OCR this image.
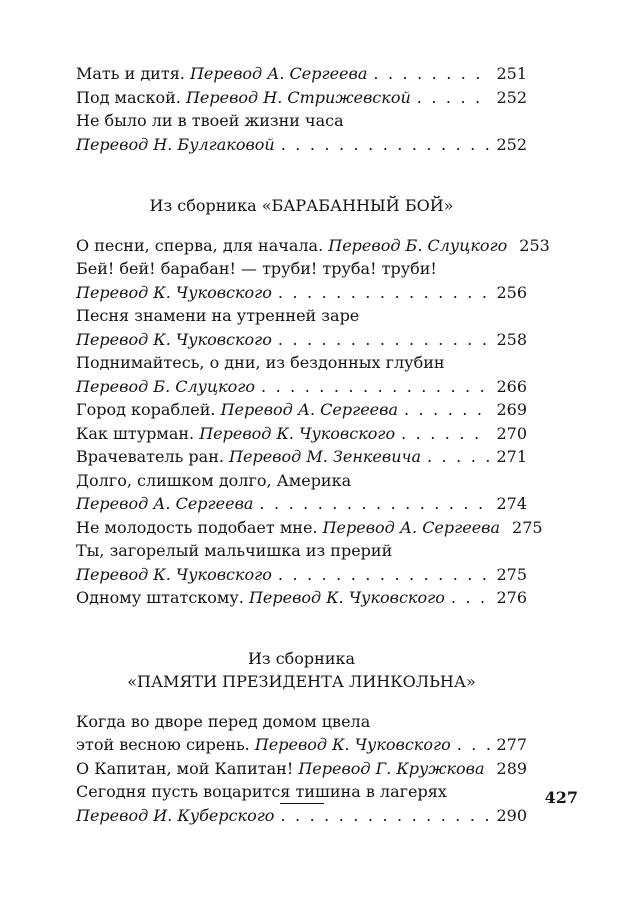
Мать и дитя. Перевод А. Сергеева . . .	251
Под маской. Перевод Н. Стрижевской . . .	252
Не было ли в твоей жизни часа
Перевод Н. Булгаковой . . .	252
Из сборника «БАРАБАННЫЙ БОЙ»
О песни, сперва, для начала. Перевод Б. Слуцкого 253
Бей! бей! барабан! — труби! труба! труби!
Перевод К. Чуковского . . .	256
Песня знамени на утренней заре
Перевод К. Чуковского . . .	258
Поднимайтесь, о дни, из бездонных глубин
Перевод Б. Слуцкого . . .	266
Город кораблей. Перевод А. Сергеева . . .	269
Как штурман. Перевод К. Чуковского . . .	270
Врачеватель ран. Перевод М. Зенкевича . . .	271
Долго, слишком долго, Америка
Перевод А. Сергеева . . .	274
Не молодость подобает мне. Перевод А. Сергеева 275
Ты, загорелый мальчишка из прерий
Перевод К. Чуковского . . .	275
Одному штатскому. Перевод К. Чуковского . . .	276
Из сборника
«ПАМЯТИ ПРЕЗИДЕНТА ЛИНКОЛЬНА»
Когда во дворе перед домом цвела
этой весною сирень. Перевод К. Чуковского . . .	277
О Капитан, мой Капитан! Перевод Г. Кружкова 289
Сегодня пусть воцарится тишина в лагерях
Перевод И. Куберского . . .	290
427
